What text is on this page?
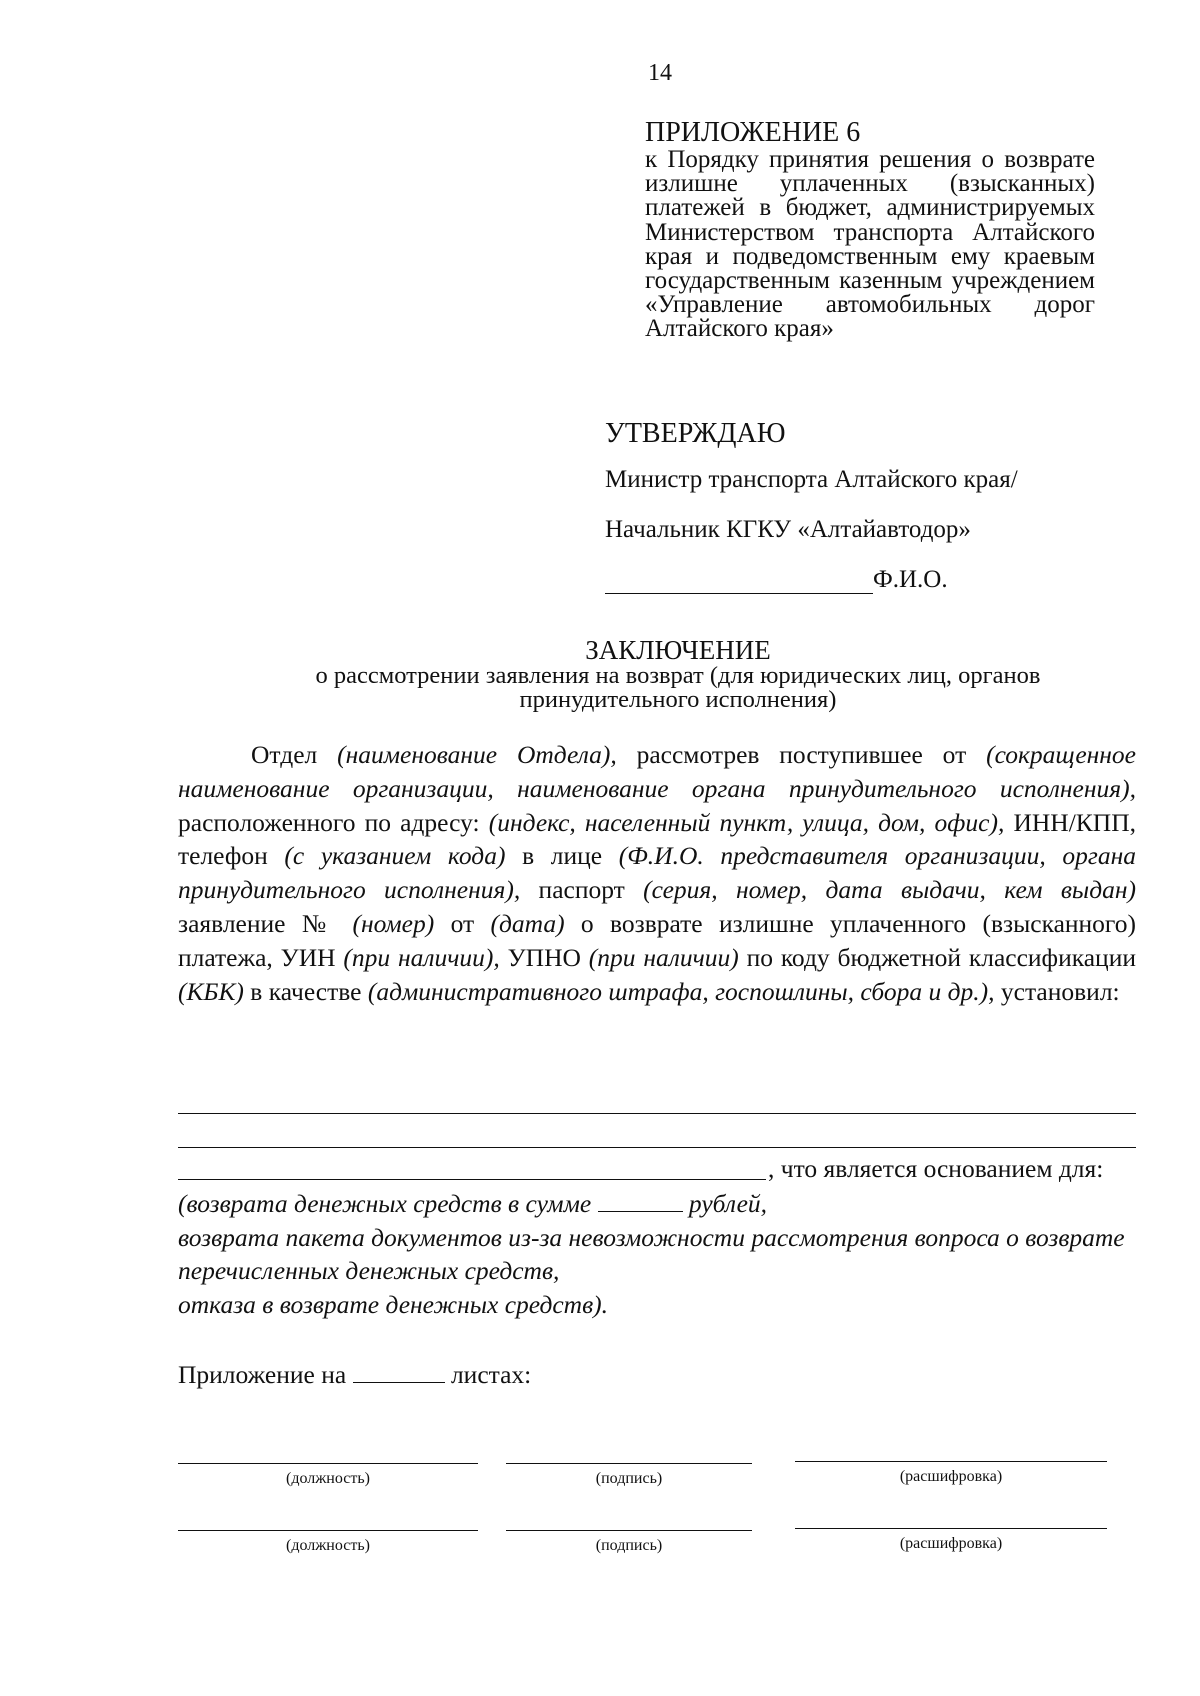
14
ПРИЛОЖЕНИЕ 6
к Порядку принятия решения о возврате излишне уплаченных (взысканных) платежей в бюджет, администрируемых Министерством транспорта Алтайского края и подведомственным ему краевым государственным казенным учреждением «Управление автомобильных дорог Алтайского края»
УТВЕРЖДАЮ
Министр транспорта Алтайского края/
Начальник КГКУ «Алтайавтодор»
Ф.И.О.
ЗАКЛЮЧЕНИЕ
о рассмотрении заявления на возврат (для юридических лиц, органов
принудительного исполнения)
Отдел (наименование Отдела), рассмотрев поступившее от (сокращенное наименование организации, наименование органа принудительного исполнения), расположенного по адресу: (индекс, населенный пункт, улица, дом, офис), ИНН/КПП, телефон (с указанием кода) в лице (Ф.И.О. представителя организации, органа принудительного исполнения), паспорт (серия, номер, дата выдачи, кем выдан) заявление № (номер) от (дата) о возврате излишне уплаченного (взысканного) платежа, УИН (при наличии), УПНО (при наличии) по коду бюджетной классификации (КБК) в качестве (административного штрафа, госпошлины, сбора и др.), установил:
, что является основанием для:
(возврата денежных средств в сумме	рублей,
возврата пакета документов из-за невозможности рассмотрения вопроса о возврате перечисленных денежных средств,
отказа в возврате денежных средств).
Приложение на	листах:
(должность)	(подпись)	(расшифровка)
(должность)	(подпись)	(расшифровка)
